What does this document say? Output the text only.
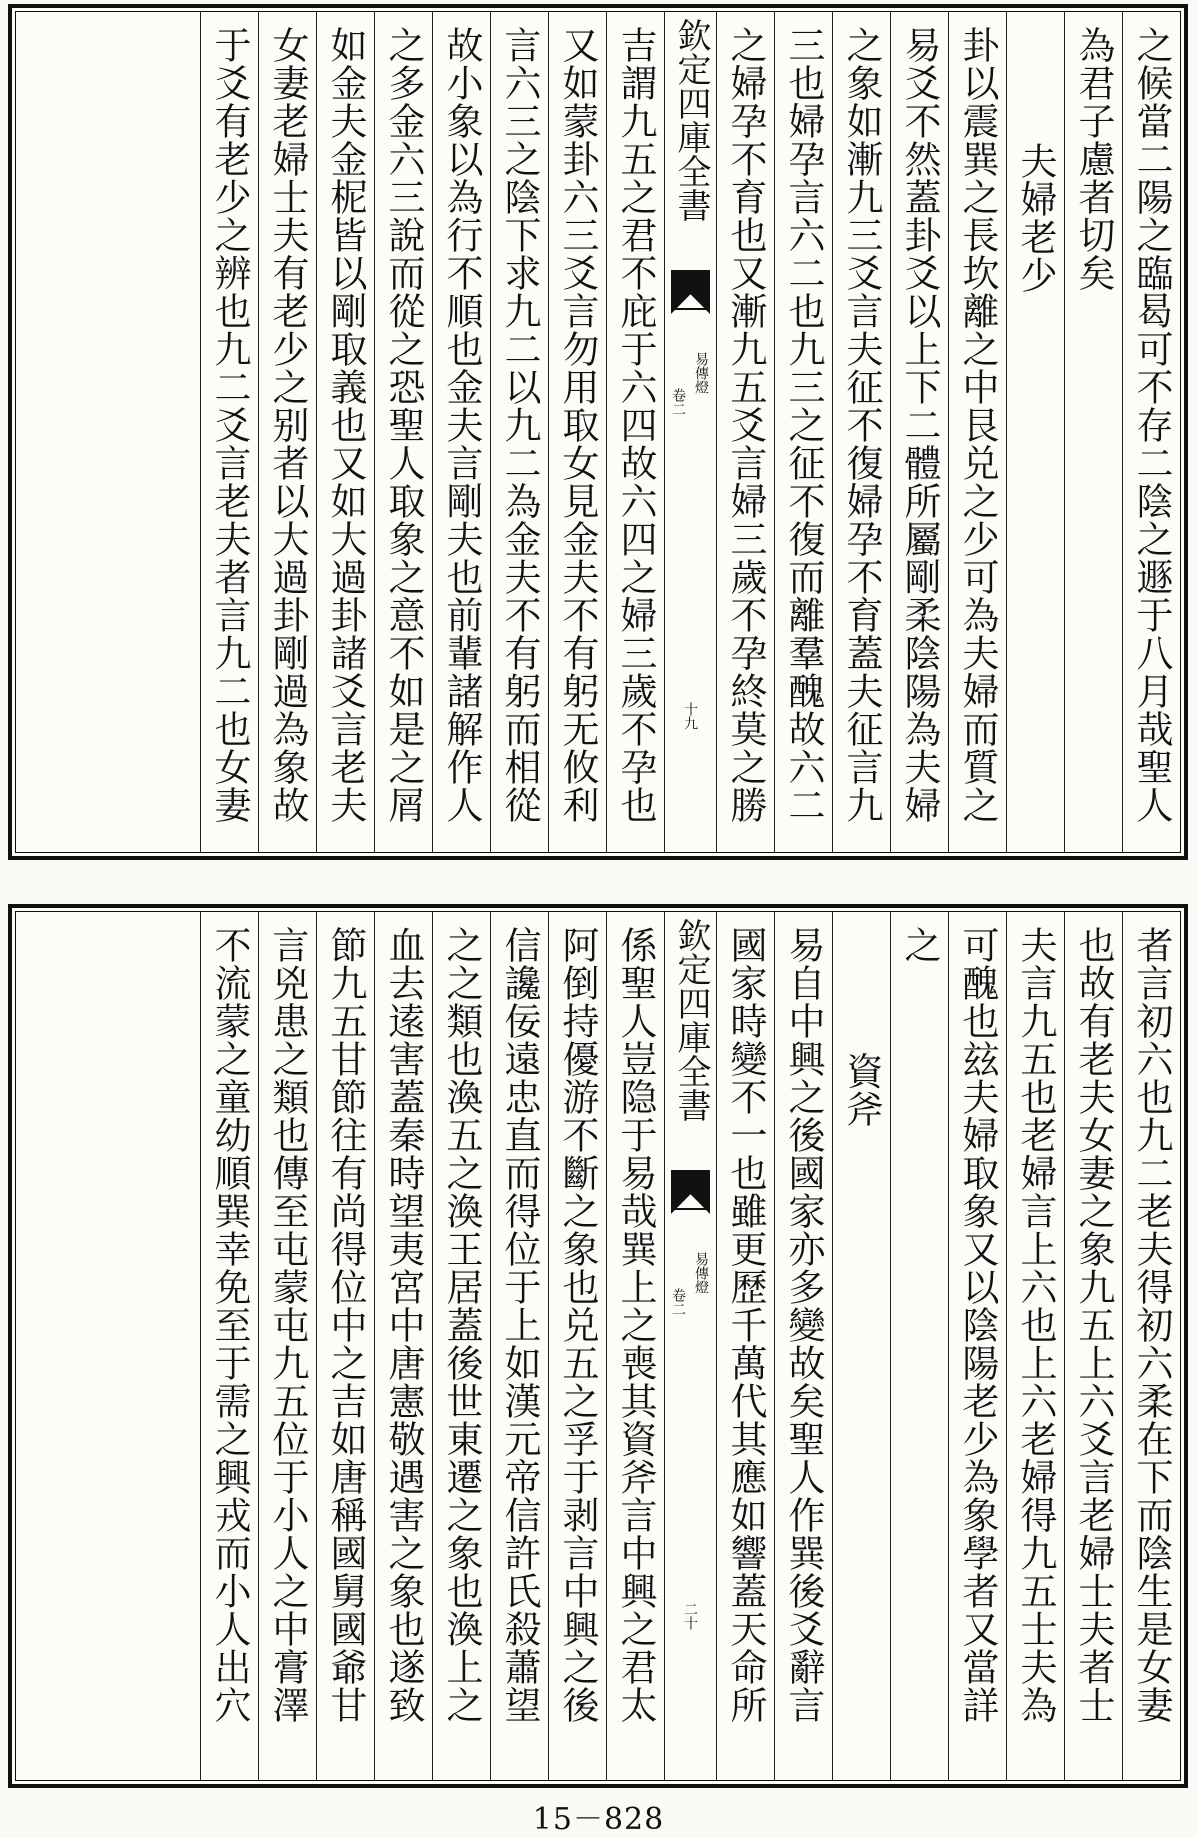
之候當二陽之臨曷可不存二陰之遯于八月哉聖人
為君子慮者切矣
夫婦老少
卦以震巽之長坎離之中艮兑之少可為夫婦而質之
易爻不然蓋卦爻以上下二體所屬剛柔陰陽為夫婦
之象如漸九三爻言夫征不復婦孕不育蓋夫征言九
三也婦孕言六二也九三之征不復而離羣醜故六二
之婦孕不育也又漸九五爻言婦三歲不孕終莫之勝
欽定四庫全書
易傳燈
卷二
十九
吉謂九五之君不庇于六四故六四之婦三歲不孕也
又如蒙卦六三爻言勿用取女見金夫不有躬无攸利
言六三之陰下求九二以九二為金夫不有躬而相從
故小象以為行不順也金夫言剛夫也前輩諸解作人
之多金六三說而從之恐聖人取象之意不如是之屑
如金夫金柅皆以剛取義也又如大過卦諸爻言老夫
女妻老婦士夫有老少之别者以大過卦剛過為象故
于爻有老少之辨也九二爻言老夫者言九二也女妻
者言初六也九二老夫得初六柔在下而陰生是女妻
也故有老夫女妻之象九五上六爻言老婦士夫者士
夫言九五也老婦言上六也上六老婦得九五士夫為
可醜也玆夫婦取象又以陰陽老少為象學者又當詳
之
資斧
易自中興之後國家亦多變故矣聖人作巽後爻辭言
國家時變不一也雖更歷千萬代其應如響蓋天命所
欽定四庫全書
易傳燈
卷二
二十
係聖人豈隐于易哉巽上之喪其資斧言中興之君太
阿倒持優游不斷之象也兑五之孚于剥言中興之後
信讒佞遠忠直而得位于上如漢元帝信許氏殺蕭望
之之類也渙五之渙王居蓋後世東遷之象也渙上之
血去逺害蓋秦時望夷宮中唐憲敬遇害之象也遂致
節九五甘節往有尚得位中之吉如唐稱國舅國爺甘
言兇患之類也傳至屯蒙屯九五位于小人之中膏澤
不流蒙之童幼順巽幸免至于需之興戎而小人出穴
15－828
